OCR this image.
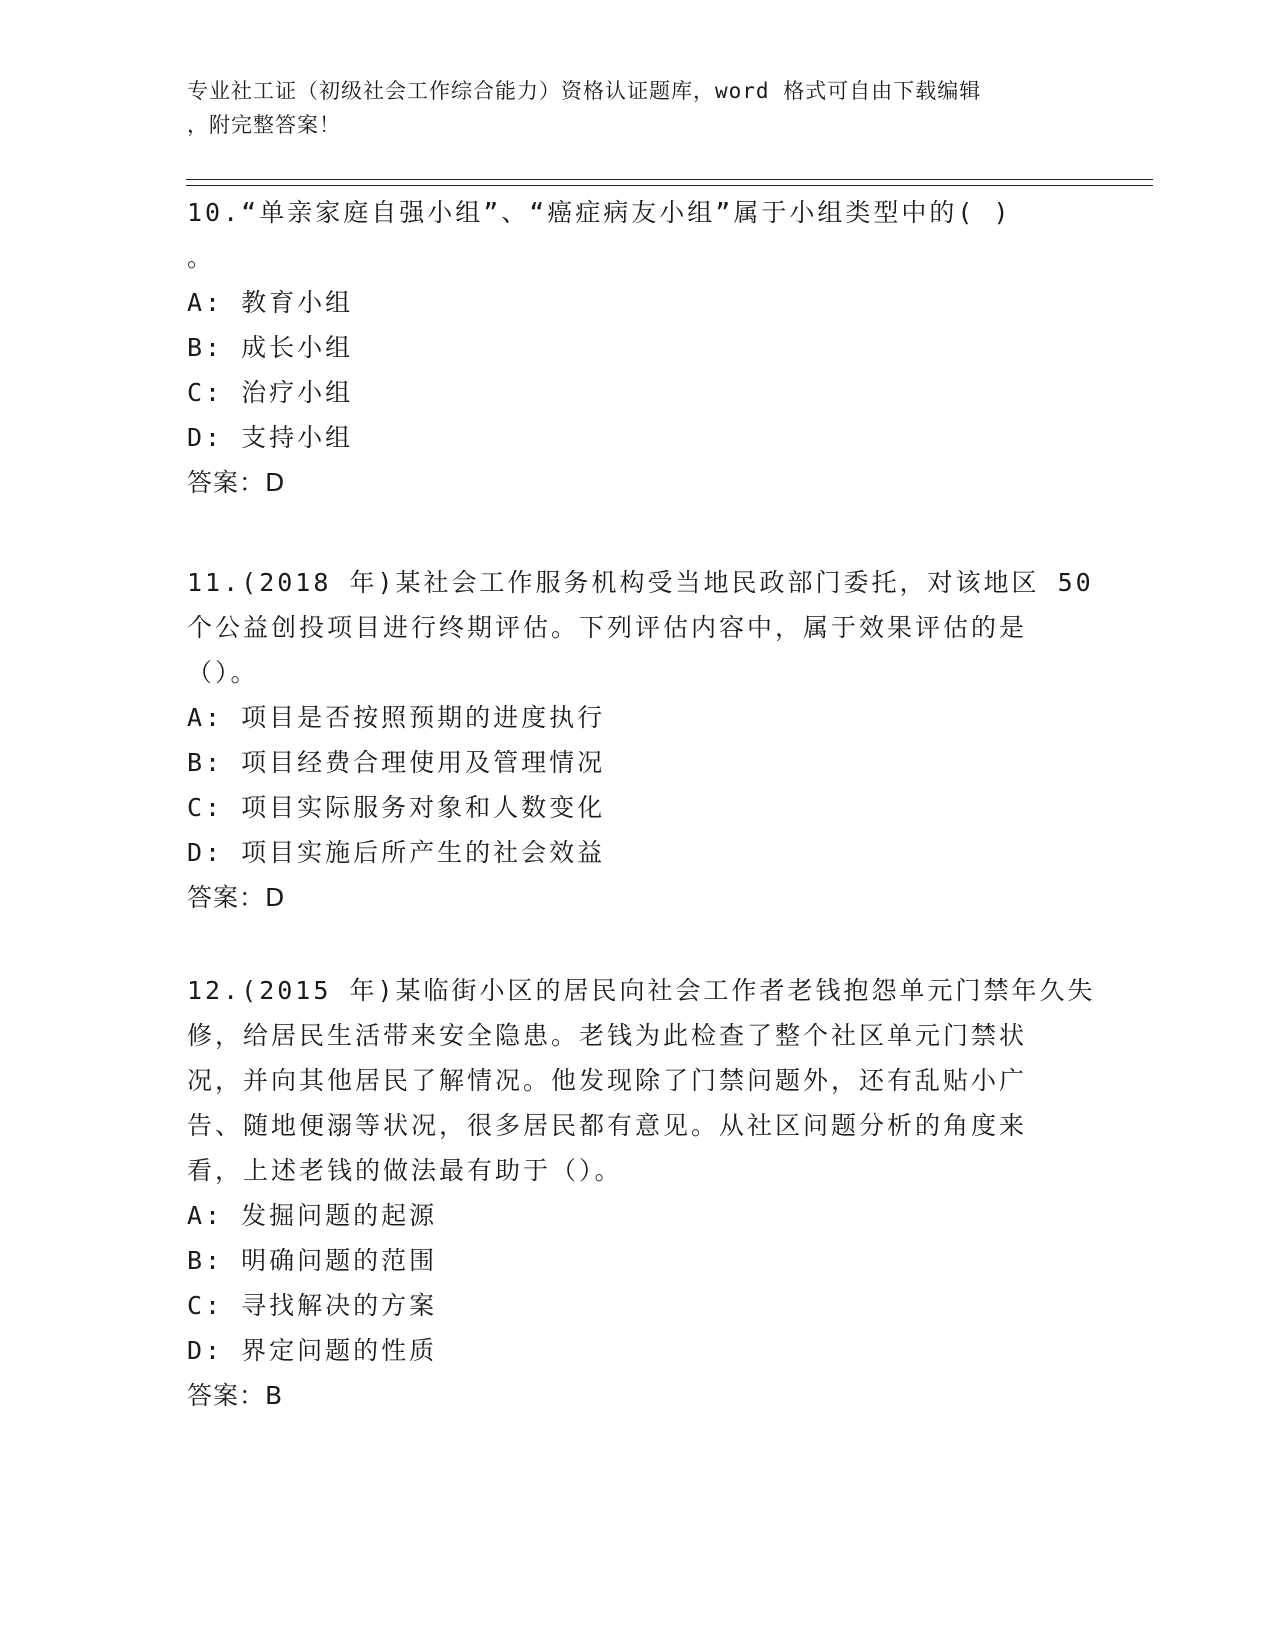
专业社工证（初级社会工作综合能力）资格认证题库，word 格式可自由下载编辑
，附完整答案！

10.“单亲家庭自强小组”、“癌症病友小组”属于小组类型中的( )

。

A: 教育小组

B: 成长小组

C: 治疗小组

D: 支持小组

答案：D

11.(2018 年)某社会工作服务机构受当地民政部门委托，对该地区 50

个公益创投项目进行终期评估。下列评估内容中，属于效果评估的是

（）。

A: 项目是否按照预期的进度执行

B: 项目经费合理使用及管理情况

C: 项目实际服务对象和人数变化

D: 项目实施后所产生的社会效益

答案：D

12.(2015 年)某临街小区的居民向社会工作者老钱抱怨单元门禁年久失

修，给居民生活带来安全隐患。老钱为此检查了整个社区单元门禁状

况，并向其他居民了解情况。他发现除了门禁问题外，还有乱贴小广

告、随地便溺等状况，很多居民都有意见。从社区问题分析的角度来

看，上述老钱的做法最有助于（）。

A: 发掘问题的起源

B: 明确问题的范围

C: 寻找解决的方案

D: 界定问题的性质

答案：B
